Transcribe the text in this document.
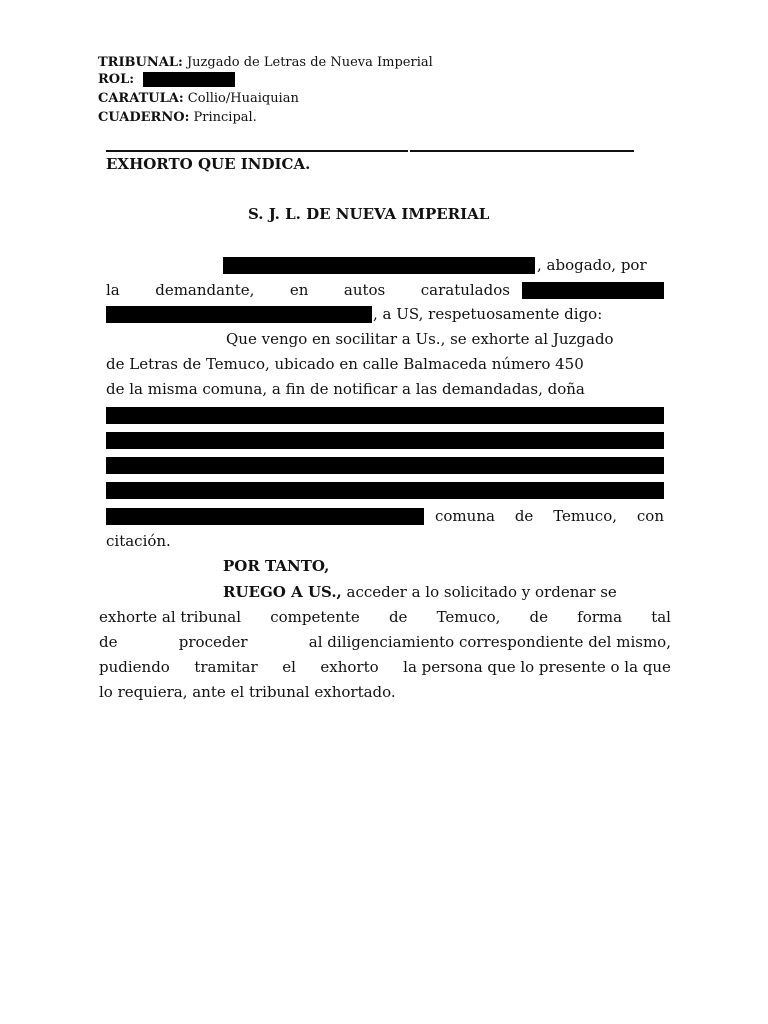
TRIBUNAL: Juzgado de Letras de Nueva Imperial
ROL:
CARATULA: Collio/Huaiquian
CUADERNO: Principal.
EXHORTO QUE INDICA.
S. J. L. DE NUEVA IMPERIAL
, abogado, por
la demandante, en autos caratulados
, a US, respetuosamente digo:
Que vengo en socilitar a Us., se exhorte al Juzgado
de Letras de Temuco, ubicado en calle Balmaceda número 450
de la misma comuna, a fin de notificar a las demandadas, doña
comuna de Temuco, con
citación.
POR TANTO,
RUEGO A US., acceder a lo solicitado y ordenar se
exhorte al tribunal competente de Temuco, de forma tal
de	proceder	al diligenciamiento correspondiente del mismo,
pudiendo tramitar el exhorto la persona que lo presente o la que
lo requiera, ante el tribunal exhortado.
